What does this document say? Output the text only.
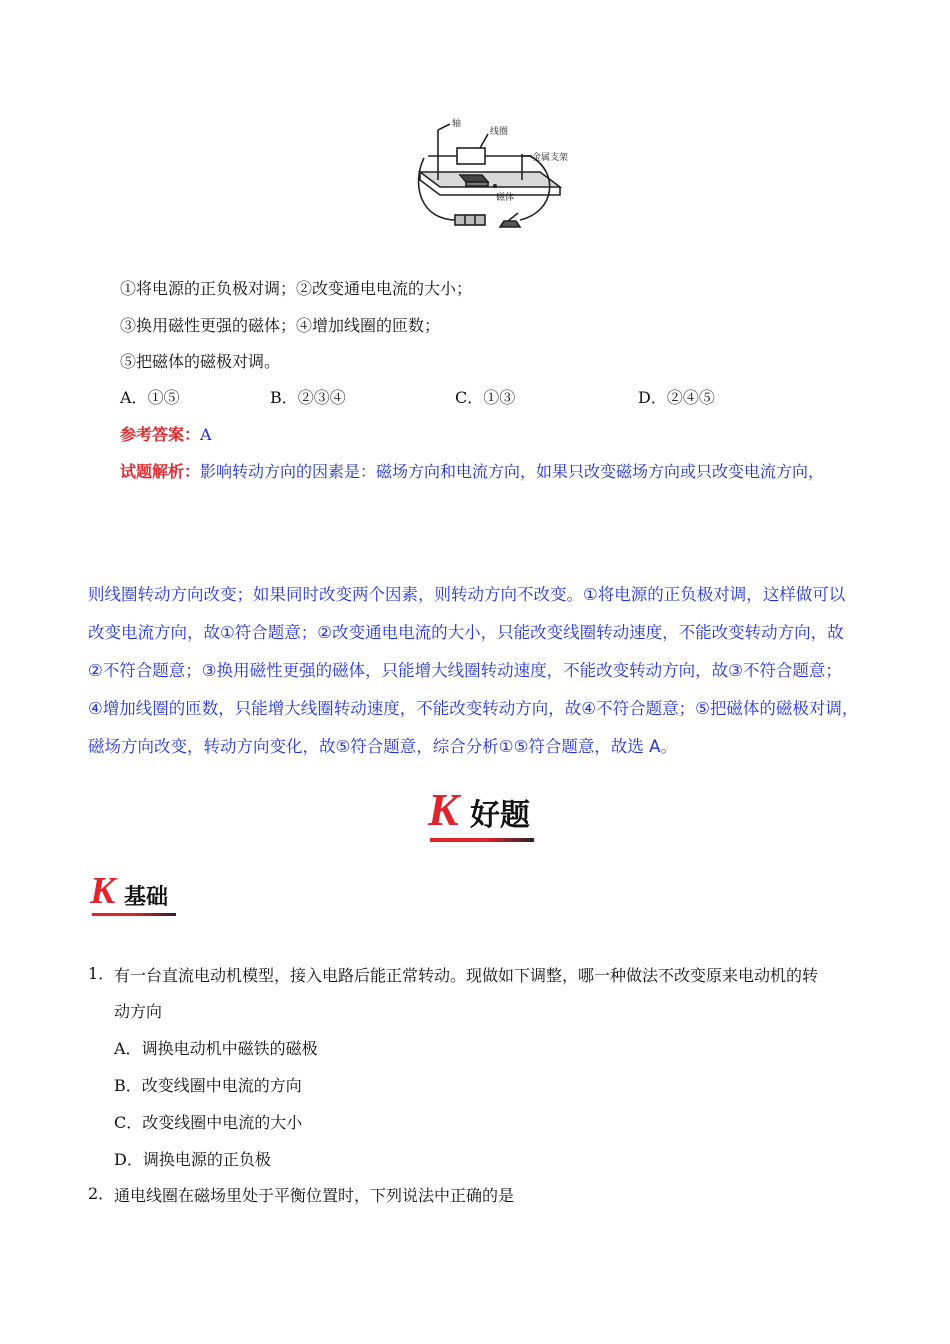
轴
线圈
金属支架
磁体
①将电源的正负极对调；②改变通电电流的大小；
③换用磁性更强的磁体；④增加线圈的匝数；
⑤把磁体的磁极对调。
A．①⑤	B．②③④	C．①③	D．②④⑤
参考答案：A
试题解析：影响转动方向的因素是：磁场方向和电流方向，如果只改变磁场方向或只改变电流方向，
则线圈转动方向改变；如果同时改变两个因素，则转动方向不改变。①将电源的正负极对调，这样做可以
改变电流方向，故①符合题意；②改变通电电流的大小，只能改变线圈转动速度，不能改变转动方向，故
②不符合题意；③换用磁性更强的磁体，只能增大线圈转动速度，不能改变转动方向，故③不符合题意；
④增加线圈的匝数，只能增大线圈转动速度，不能改变转动方向，故④不符合题意；⑤把磁体的磁极对调，
磁场方向改变，转动方向变化，故⑤符合题意，综合分析①⑤符合题意，故选 A。
K 好题
K 基础
1． 有一台直流电动机模型，接入电路后能正常转动。现做如下调整，哪一种做法不改变原来电动机的转
动方向
A．调换电动机中磁铁的磁极
B．改变线圈中电流的方向
C．改变线圈中电流的大小
D．调换电源的正负极
2． 通电线圈在磁场里处于平衡位置时，下列说法中正确的是
